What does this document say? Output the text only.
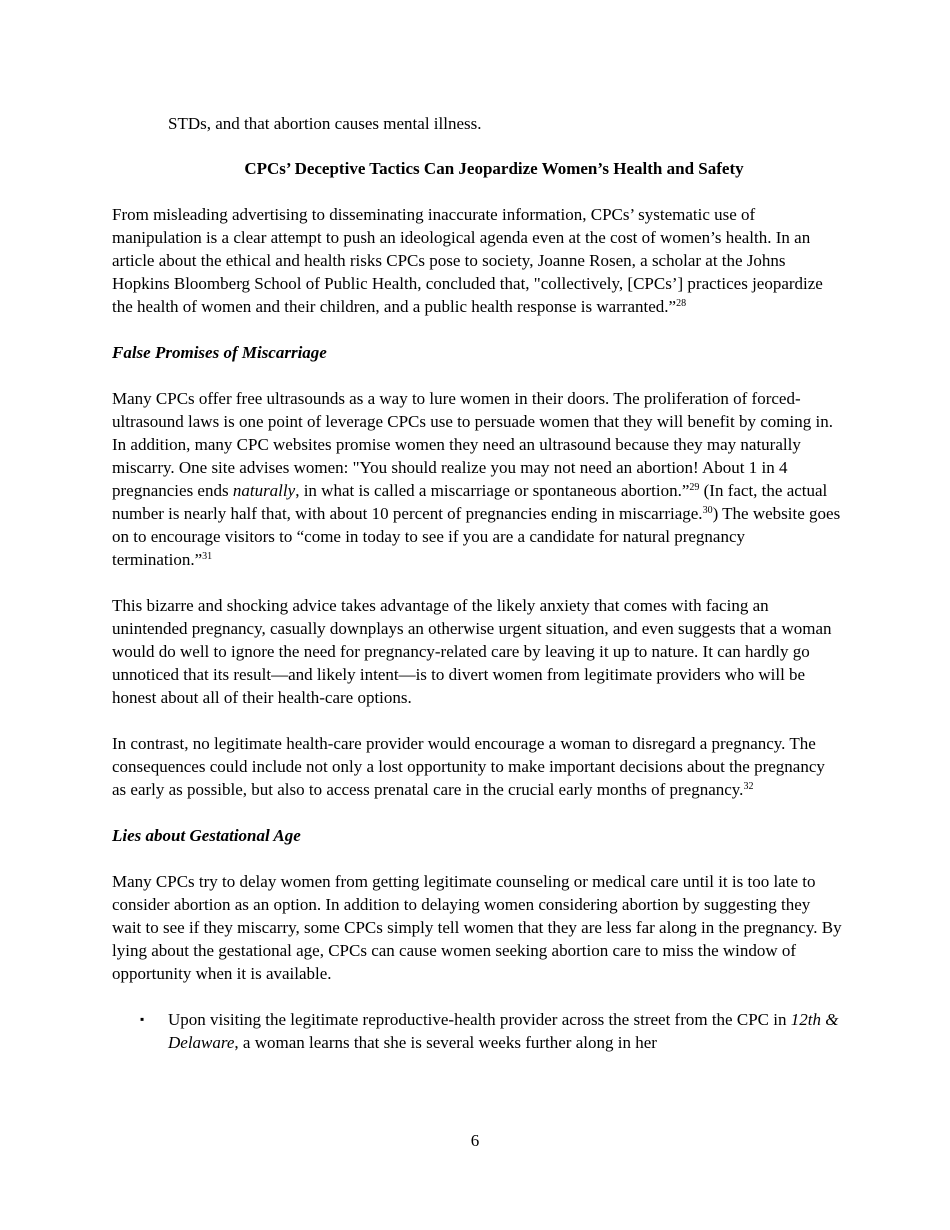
STDs, and that abortion causes mental illness.

CPCs’ Deceptive Tactics Can Jeopardize Women’s Health and Safety

From misleading advertising to disseminating inaccurate information, CPCs’ systematic use of manipulation is a clear attempt to push an ideological agenda even at the cost of women’s health. In an article about the ethical and health risks CPCs pose to society, Joanne Rosen, a scholar at the Johns Hopkins Bloomberg School of Public Health, concluded that, "collectively, [CPCs’] practices jeopardize the health of women and their children, and a public health response is warranted.”$^{28}$

False Promises of Miscarriage

Many CPCs offer free ultrasounds as a way to lure women in their doors. The proliferation of forced-ultrasound laws is one point of leverage CPCs use to persuade women that they will benefit by coming in. In addition, many CPC websites promise women they need an ultrasound because they may naturally miscarry. One site advises women: "You should realize you may not need an abortion! About 1 in 4 pregnancies ends naturally, in what is called a miscarriage or spontaneous abortion.”$^{29}$ (In fact, the actual number is nearly half that, with about 10 percent of pregnancies ending in miscarriage.$^{30}$) The website goes on to encourage visitors to “come in today to see if you are a candidate for natural pregnancy termination.”$^{31}$

This bizarre and shocking advice takes advantage of the likely anxiety that comes with facing an unintended pregnancy, casually downplays an otherwise urgent situation, and even suggests that a woman would do well to ignore the need for pregnancy-related care by leaving it up to nature. It can hardly go unnoticed that its result—and likely intent—is to divert women from legitimate providers who will be honest about all of their health-care options.

In contrast, no legitimate health-care provider would encourage a woman to disregard a pregnancy. The consequences could include not only a lost opportunity to make important decisions about the pregnancy as early as possible, but also to access prenatal care in the crucial early months of pregnancy.$^{32}$

Lies about Gestational Age

Many CPCs try to delay women from getting legitimate counseling or medical care until it is too late to consider abortion as an option. In addition to delaying women considering abortion by suggesting they wait to see if they miscarry, some CPCs simply tell women that they are less far along in the pregnancy. By lying about the gestational age, CPCs can cause women seeking abortion care to miss the window of opportunity when it is available.

▪ Upon visiting the legitimate reproductive-health provider across the street from the CPC in 12th & Delaware, a woman learns that she is several weeks further along in her
6
